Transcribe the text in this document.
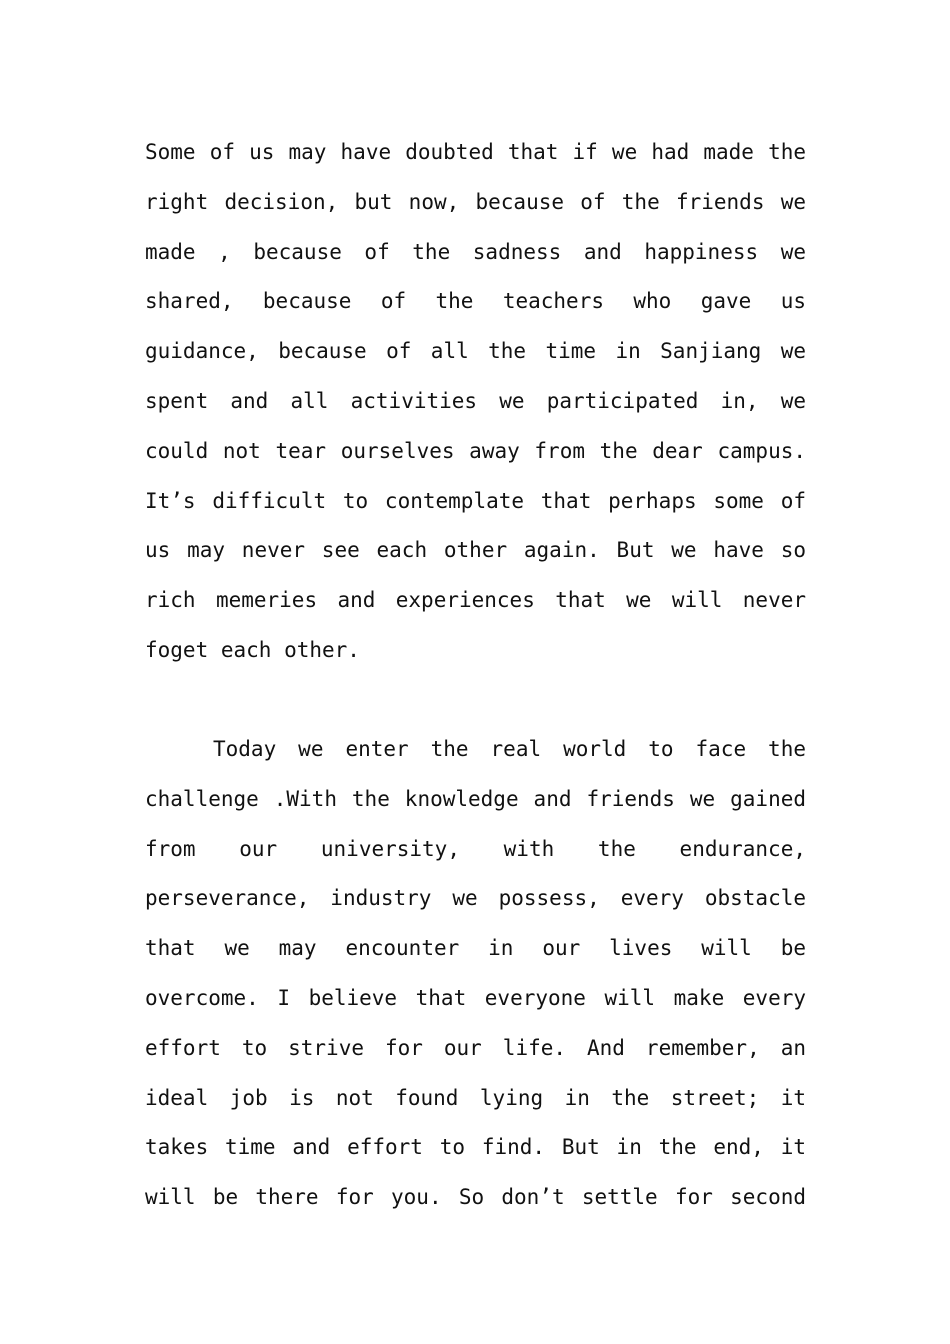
Some of us may have doubted that if we had made the
right decision, but now, because of the friends we
made , because of the sadness and happiness we
shared, because of the teachers who gave us
guidance, because of all the time in Sanjiang we
spent and all activities we participated in, we
could not tear ourselves away from the dear campus.
It’s difficult to contemplate that perhaps some of
us may never see each other again. But we have so
rich memeries and experiences that we will never
foget each other.
Today we enter the real world to face the
challenge .With the knowledge and friends we gained
from our university, with the endurance,
perseverance, industry we possess, every obstacle
that we may encounter in our lives will be
overcome. I believe that everyone will make every
effort to strive for our life. And remember, an
ideal job is not found lying in the street; it
takes time and effort to find. But in the end, it
will be there for you. So don’t settle for second
